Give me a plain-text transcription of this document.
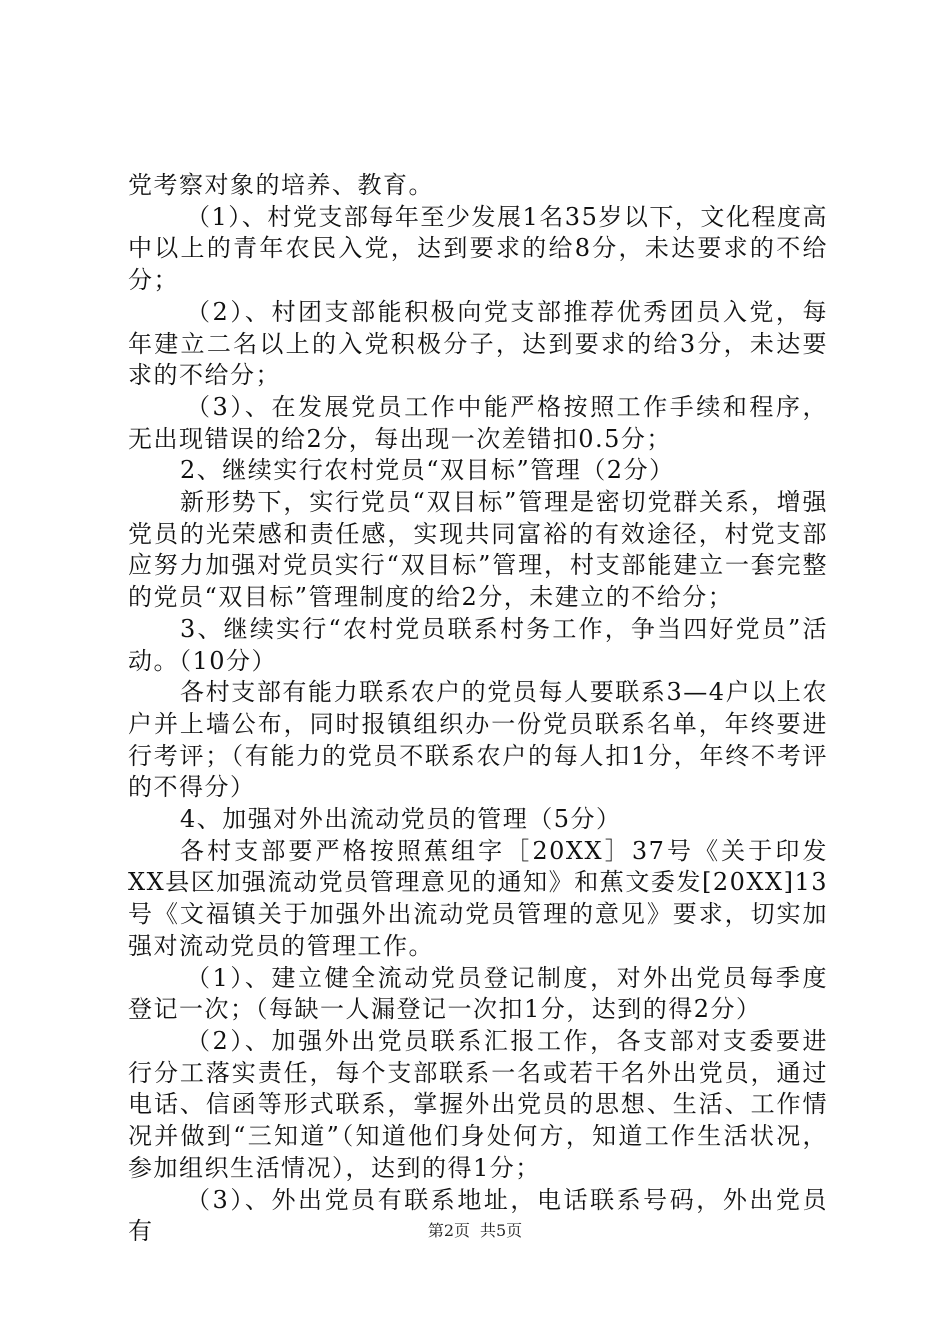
党考察对象的培养、教育。

（1）、村党支部每年至少发展1名35岁以下，文化程度高中以上的青年农民入党，达到要求的给8分，未达要求的不给分；

（2）、村团支部能积极向党支部推荐优秀团员入党，每年建立二名以上的入党积极分子，达到要求的给3分，未达要求的不给分；

（3）、在发展党员工作中能严格按照工作手续和程序，无出现错误的给2分，每出现一次差错扣0.5分；

2、继续实行农村党员“双目标”管理（2分）

新形势下，实行党员“双目标”管理是密切党群关系，增强党员的光荣感和责任感，实现共同富裕的有效途径，村党支部应努力加强对党员实行“双目标”管理，村支部能建立一套完整的党员“双目标”管理制度的给2分，未建立的不给分；

3、继续实行“农村党员联系村务工作，争当四好党员”活动。（10分）

各村支部有能力联系农户的党员每人要联系3—4户以上农户并上墙公布，同时报镇组织办一份党员联系名单，年终要进行考评；（有能力的党员不联系农户的每人扣1分，年终不考评的不得分）

4、加强对外出流动党员的管理（5分）

各村支部要严格按照蕉组字［20XX］37号《关于印发XX县区加强流动党员管理意见的通知》和蕉文委发[20XX]13号《文福镇关于加强外出流动党员管理的意见》要求，切实加强对流动党员的管理工作。

（1）、建立健全流动党员登记制度，对外出党员每季度登记一次；（每缺一人漏登记一次扣1分，达到的得2分）

（2）、加强外出党员联系汇报工作，各支部对支委要进行分工落实责任，每个支部联系一名或若干名外出党员，通过电话、信函等形式联系，掌握外出党员的思想、生活、工作情况并做到“三知道”（知道他们身处何方，知道工作生活状况，参加组织生活情况），达到的得1分；

（3）、外出党员有联系地址，电话联系号码，外出党员有	第2页 共5页
